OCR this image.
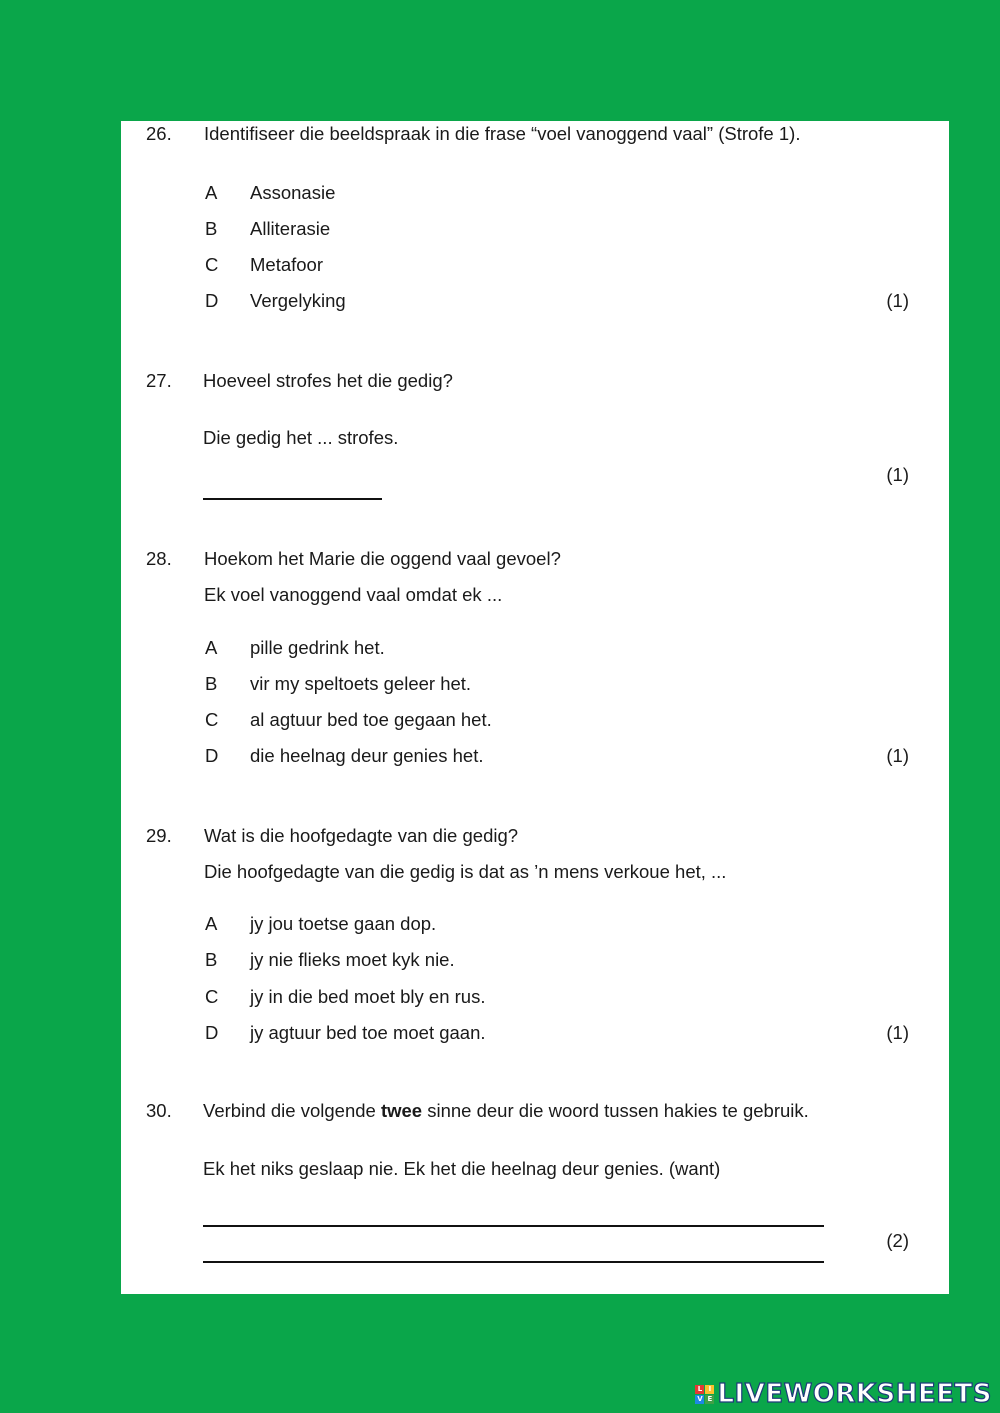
26. Identifiseer die beeldspraak in die frase “voel vanoggend vaal” (Strofe 1).
A Assonasie
B Alliterasie
C Metafoor
D Vergelyking	(1)
27. Hoeveel strofes het die gedig?
Die gedig het ... strofes.
(1)
28. Hoekom het Marie die oggend vaal gevoel?
Ek voel vanoggend vaal omdat ek ...
A pille gedrink het.
B vir my speltoets geleer het.
C al agtuur bed toe gegaan het.
D die heelnag deur genies het.	(1)
29. Wat is die hoofgedagte van die gedig?
Die hoofgedagte van die gedig is dat as ’n mens verkoue het, ...
A jy jou toetse gaan dop.
B jy nie flieks moet kyk nie.
C jy in die bed moet bly en rus.
D jy agtuur bed toe moet gaan.	(1)
30. Verbind die volgende twee sinne deur die woord tussen hakies te gebruik.
Ek het niks geslaap nie. Ek het die heelnag deur genies. (want)
(2)
L I
V E LIVEWORKSHEETS
